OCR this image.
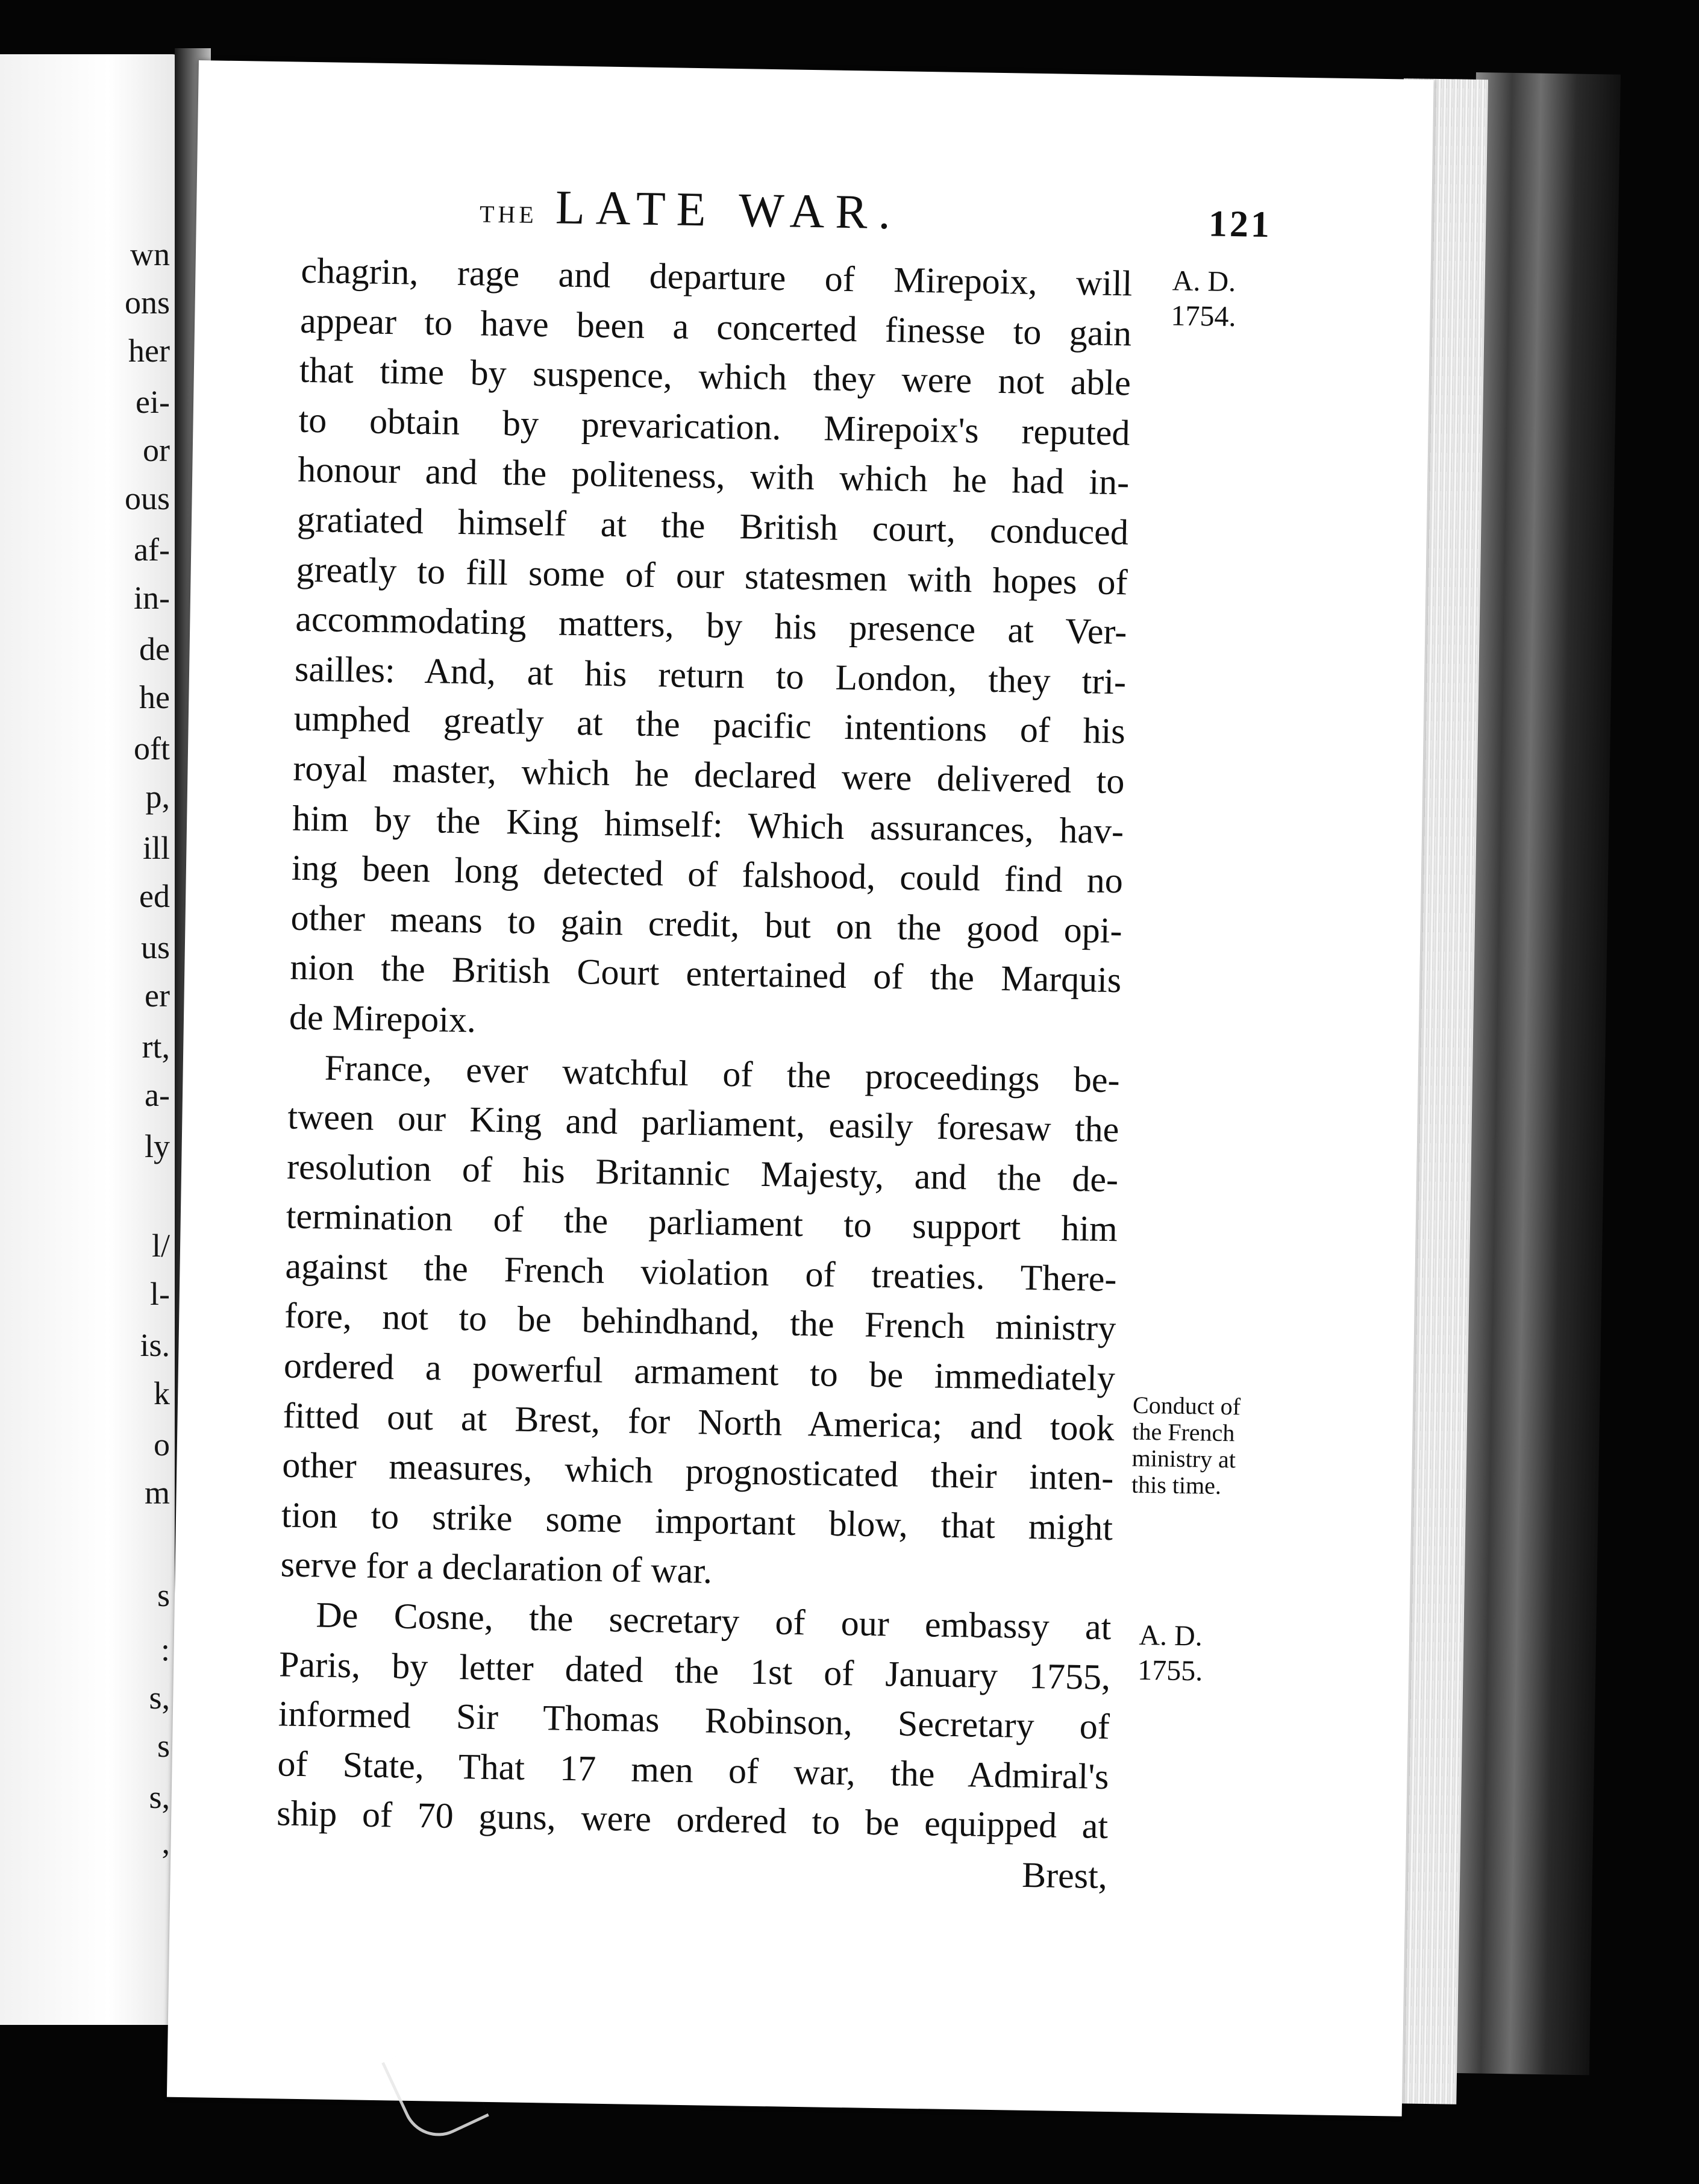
wn
ons
her
ei-
or
ous
af-
in-
de
he
oft
p,
ill
ed
us
er
rt,
a-
ly
l/
l-
is.
k
o
m
s
:
s,
s
s,
,
THE LATE WAR.	121
chagrin, rage and departure of Mirepoix, will
appear to have been a concerted finesse to gain
that time by suspence, which they were not able
to obtain by prevarication. Mirepoix's reputed
honour and the politeness, with which he had in-
gratiated himself at the British court, conduced
greatly to fill some of our statesmen with hopes of
accommodating matters, by his presence at Ver-
sailles: And, at his return to London, they tri-
umphed greatly at the pacific intentions of his
royal master, which he declared were delivered to
him by the King himself: Which assurances, hav-
ing been long detected of falshood, could find no
other means to gain credit, but on the good opi-
nion the British Court entertained of the Marquis
de Mirepoix.
France, ever watchful of the proceedings be-
tween our King and parliament, easily foresaw the
resolution of his Britannic Majesty, and the de-
termination of the parliament to support him
against the French violation of treaties. There-
fore, not to be behindhand, the French ministry
ordered a powerful armament to be immediately
fitted out at Brest, for North America; and took
other measures, which prognosticated their inten-
tion to strike some important blow, that might
serve for a declaration of war.
De Cosne, the secretary of our embassy at
Paris, by letter dated the 1st of January 1755,
informed Sir Thomas Robinson, Secretary of
of State, That 17 men of war, the Admiral's
ship of 70 guns, were ordered to be equipped at
Brest,
A. D.
1754.
Conduct of
the French
ministry at
this time.
A. D.
1755.
